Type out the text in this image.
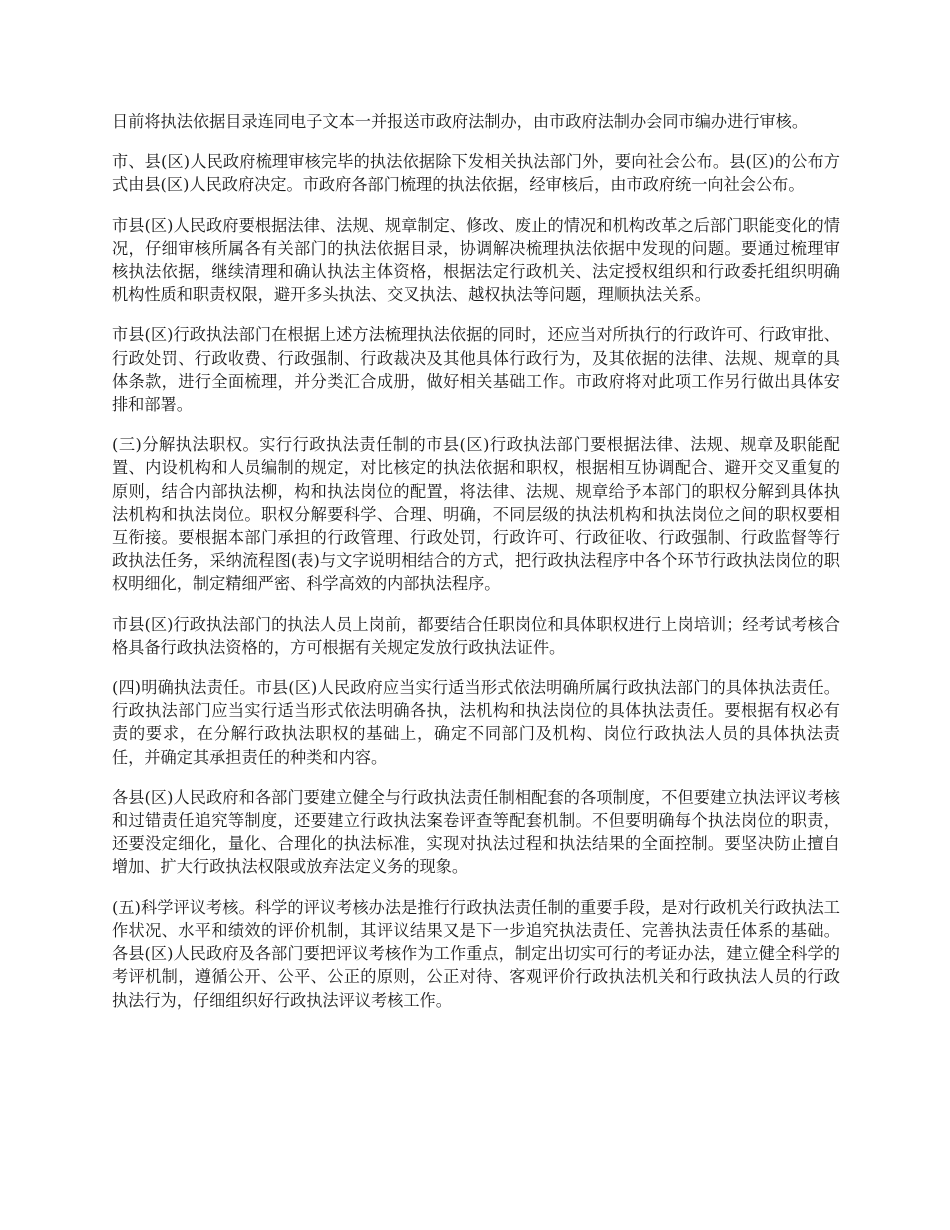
日前将执法依据目录连同电子文本一并报送市政府法制办，由市政府法制办会同市编办进行审核。

市、县(区)人民政府梳理审核完毕的执法依据除下发相关执法部门外，要向社会公布。县(区)的公布方式由县(区)人民政府决定。市政府各部门梳理的执法依据，经审核后，由市政府统一向社会公布。

市县(区)人民政府要根据法律、法规、规章制定、修改、废止的情况和机构改革之后部门职能变化的情况，仔细审核所属各有关部门的执法依据目录，协调解决梳理执法依据中发现的问题。要通过梳理审核执法依据，继续清理和确认执法主体资格，根据法定行政机关、法定授权组织和行政委托组织明确机构性质和职责权限，避开多头执法、交叉执法、越权执法等问题，理顺执法关系。

市县(区)行政执法部门在根据上述方法梳理执法依据的同时，还应当对所执行的行政许可、行政审批、行政处罚、行政收费、行政强制、行政裁决及其他具体行政行为，及其依据的法律、法规、规章的具体条款，进行全面梳理，并分类汇合成册，做好相关基础工作。市政府将对此项工作另行做出具体安排和部署。

(三)分解执法职权。实行行政执法责任制的市县(区)行政执法部门要根据法律、法规、规章及职能配置、内设机构和人员编制的规定，对比核定的执法依据和职权，根据相互协调配合、避开交叉重复的原则，结合内部执法柳，构和执法岗位的配置，将法律、法规、规章给予本部门的职权分解到具体执法机构和执法岗位。职权分解要科学、合理、明确，不同层级的执法机构和执法岗位之间的职权要相互衔接。要根据本部门承担的行政管理、行政处罚，行政许可、行政征收、行政强制、行政监督等行政执法任务，采纳流程图(表)与文字说明相结合的方式，把行政执法程序中各个环节行政执法岗位的职权明细化，制定精细严密、科学高效的内部执法程序。

市县(区)行政执法部门的执法人员上岗前，都要结合任职岗位和具体职权进行上岗培训；经考试考核合格具备行政执法资格的，方可根据有关规定发放行政执法证件。

(四)明确执法责任。市县(区)人民政府应当实行适当形式依法明确所属行政执法部门的具体执法责任。行政执法部门应当实行适当形式依法明确各执，法机构和执法岗位的具体执法责任。要根据有权必有责的要求，在分解行政执法职权的基础上，确定不同部门及机构、岗位行政执法人员的具体执法责任，并确定其承担责任的种类和内容。

各县(区)人民政府和各部门要建立健全与行政执法责任制相配套的各项制度，不但要建立执法评议考核和过错责任追究等制度，还要建立行政执法案卷评查等配套机制。不但要明确每个执法岗位的职责，还要没定细化，量化、合理化的执法标准，实现对执法过程和执法结果的全面控制。要坚决防止擅自增加、扩大行政执法权限或放弃法定义务的现象。

(五)科学评议考核。科学的评议考核办法是推行行政执法责任制的重要手段，是对行政机关行政执法工作状况、水平和绩效的评价机制，其评议结果又是下一步追究执法责任、完善执法责任体系的基础。各县(区)人民政府及各部门要把评议考核作为工作重点，制定出切实可行的考证办法，建立健全科学的考评机制，遵循公开、公平、公正的原则，公正对待、客观评价行政执法机关和行政执法人员的行政执法行为，仔细组织好行政执法评议考核工作。
